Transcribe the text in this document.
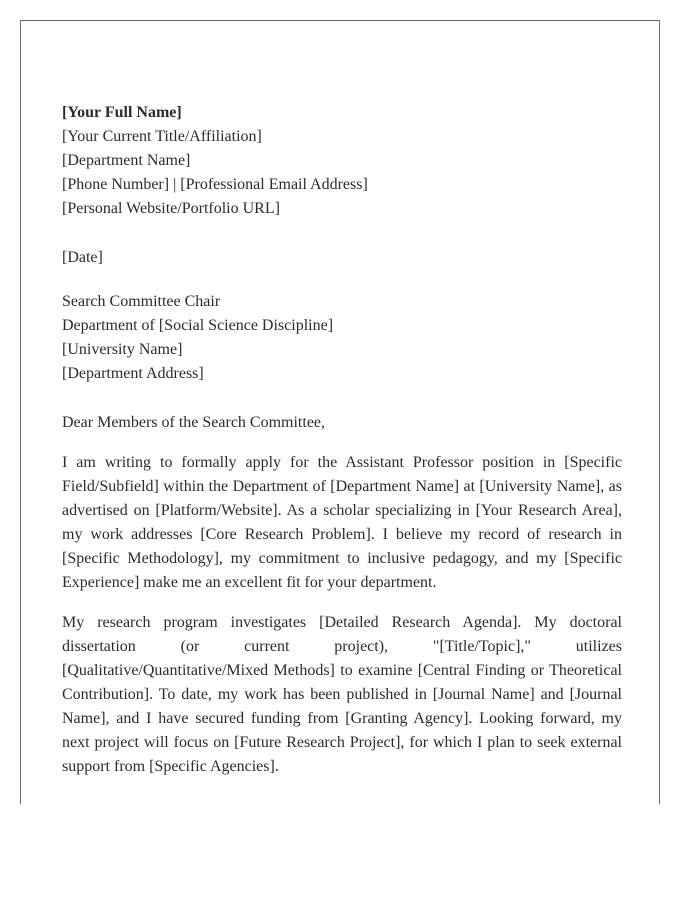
[Your Full Name]
[Your Current Title/Affiliation]
[Department Name]
[Phone Number] | [Professional Email Address]
[Personal Website/Portfolio URL]
[Date]
Search Committee Chair
Department of [Social Science Discipline]
[University Name]
[Department Address]
Dear Members of the Search Committee,

I am writing to formally apply for the Assistant Professor position in [Specific Field/Subfield] within the Department of [Department Name] at [University Name], as advertised on [Platform/Website]. As a scholar specializing in [Your Research Area], my work addresses [Core Research Problem]. I believe my record of research in [Specific Methodology], my commitment to inclusive pedagogy, and my [Specific Experience] make me an excellent fit for your department.

My research program investigates [Detailed Research Agenda]. My doctoral dissertation (or current project), "[Title/Topic]," utilizes [Qualitative/Quantitative/Mixed Methods] to examine [Central Finding or Theoretical Contribution]. To date, my work has been published in [Journal Name] and [Journal Name], and I have secured funding from [Granting Agency]. Looking forward, my next project will focus on [Future Research Project], for which I plan to seek external support from [Specific Agencies].
